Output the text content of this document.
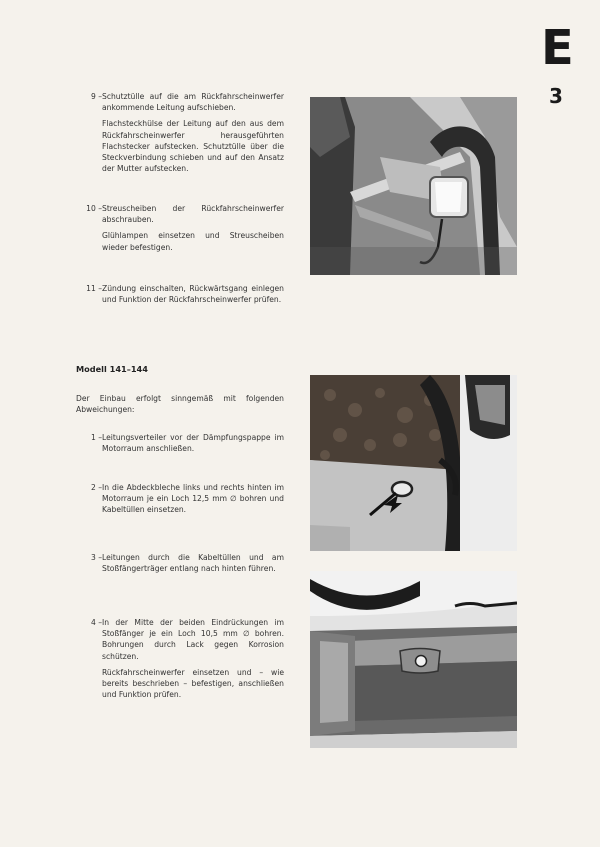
E
3

9 –Schutztülle auf die am Rückfahrscheinwerfer ankommende Leitung aufschieben.

Flachsteckhülse der Leitung auf den aus dem Rückfahrscheinwerfer herausgeführten Flachstecker aufstecken. Schutztülle über die Steckverbindung schieben und auf den Ansatz der Mutter aufstecken.

10 –Streuscheiben der Rückfahrscheinwerfer abschrauben.

Glühlampen einsetzen und Streuscheiben wieder befestigen.

11 –Zündung einschalten, Rückwärtsgang einlegen und Funktion der Rückfahrscheinwerfer prüfen.

Modell 141–144
Der Einbau erfolgt sinngemäß mit folgenden Abweichungen:

1 –Leitungsverteiler vor der Dämpfungspappe im Motorraum anschließen.

2 –In die Abdeckbleche links und rechts hinten im Motorraum je ein Loch 12,5 mm ∅ bohren und Kabeltüllen einsetzen.

3 –Leitungen durch die Kabeltüllen und am Stoßfängerträger entlang nach hinten führen.

4 –In der Mitte der beiden Eindrückungen im Stoßfänger je ein Loch 10,5 mm ∅ bohren. Bohrungen durch Lack gegen Korrosion schützen.

Rückfahrscheinwerfer einsetzen und – wie bereits beschrieben – befestigen, anschließen und Funktion prüfen.
